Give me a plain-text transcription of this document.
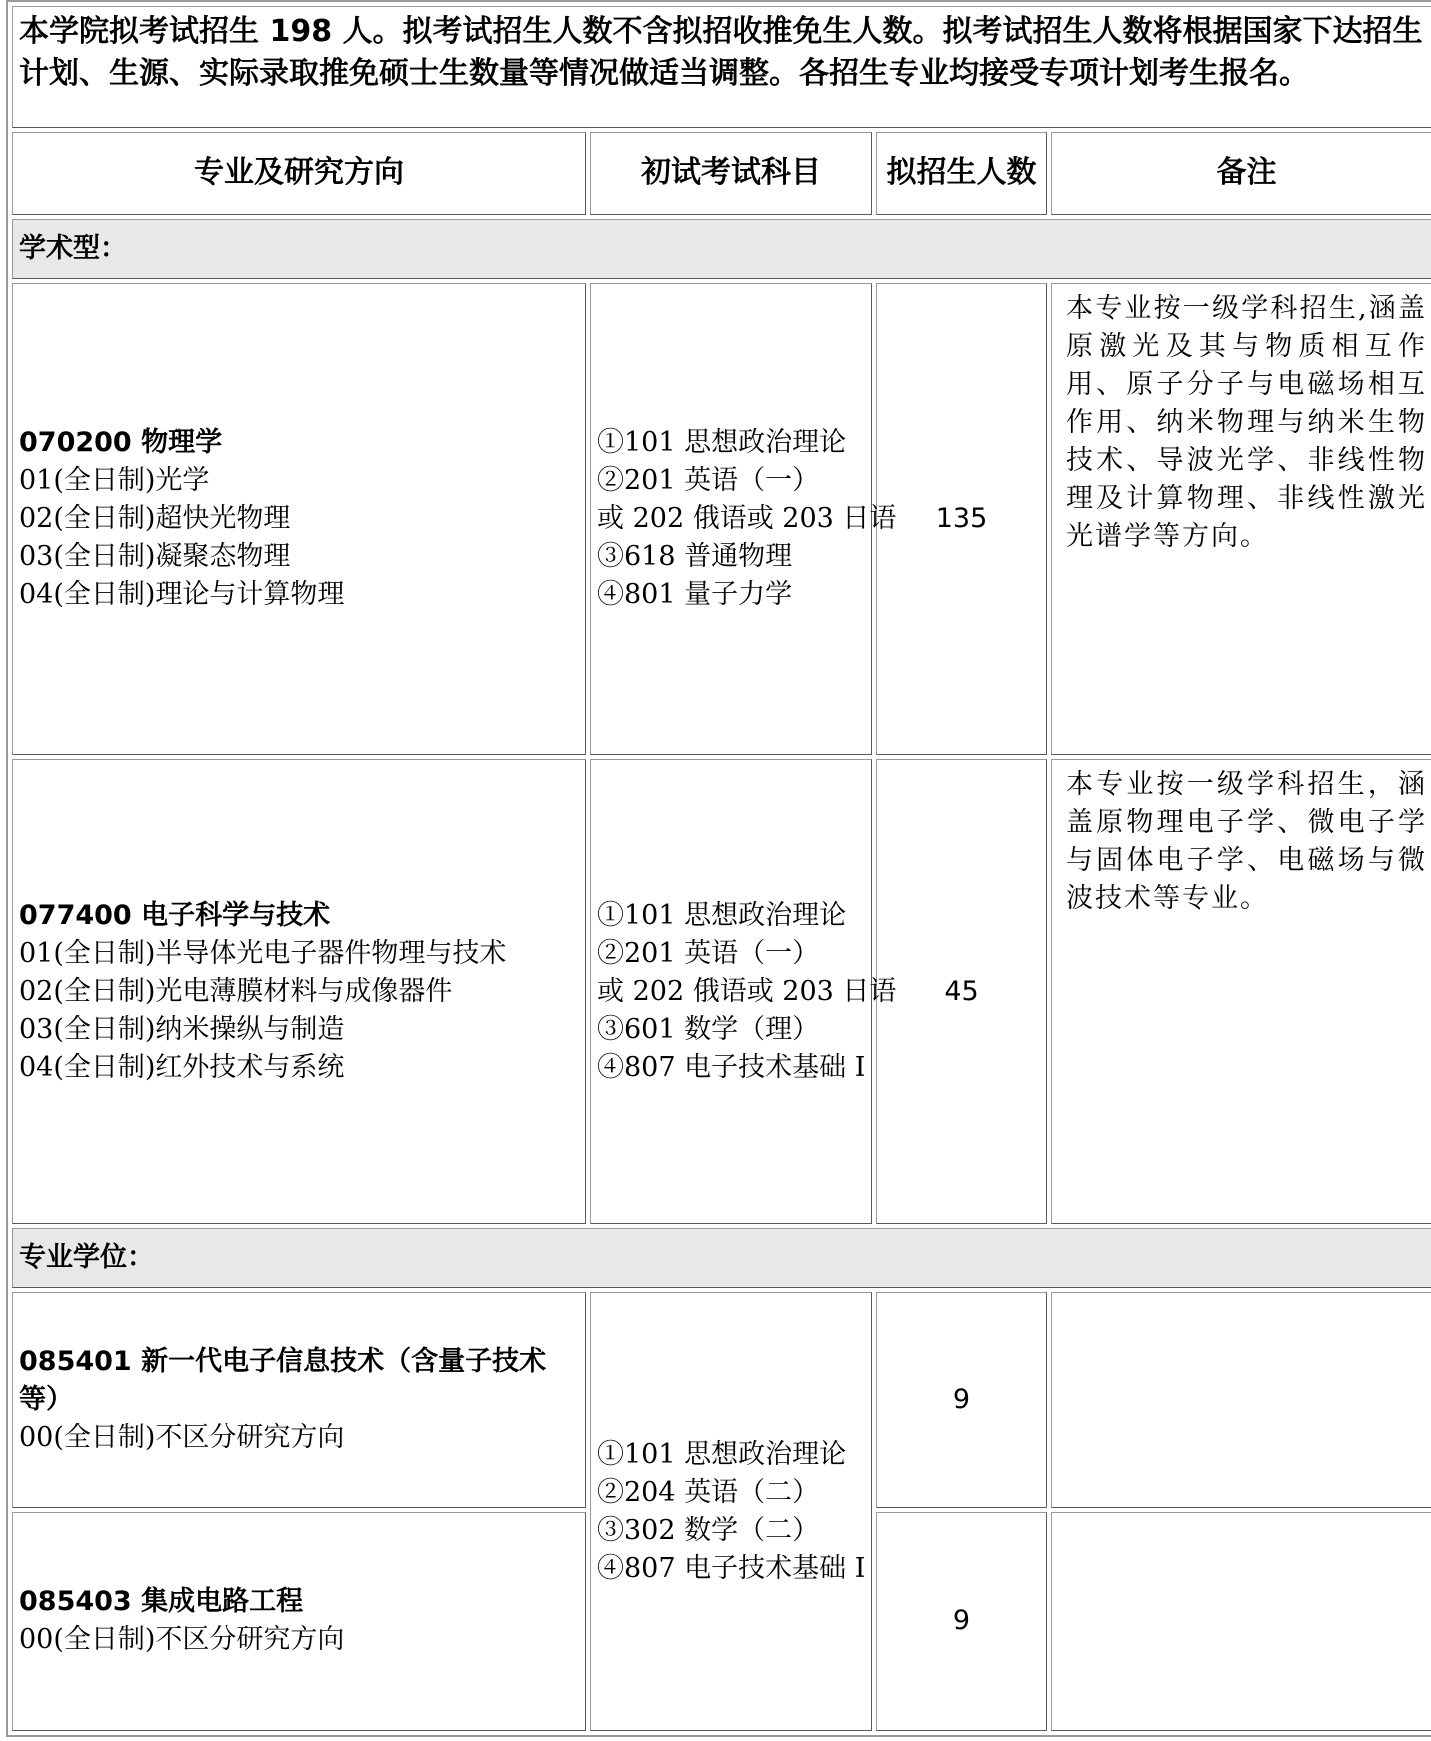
本学院拟考试招生 198 人。拟考试招生人数不含拟招收推免生人数。拟考试招生人数将根据国家下达招生计划、生源、实际录取推免硕士生数量等情况做适当调整。各招生专业均接受专项计划考生报名。			
专业及研究方向	初试考试科目	拟招生人数	备注
学术型：			

070200 物理学
01(全日制)光学
02(全日制)超快光物理
03(全日制)凝聚态物理
04(全日制)理论与计算物理	①101 思想政治理论
②201 英语（一）
或 202 俄语或 203 日语
③618 普通物理
④801 量子力学	135	本专业按一级学科招生,涵盖原激光及其与物质相互作用、原子分子与电磁场相互作用、纳米物理与纳米生物技术、导波光学、非线性物理及计算物理、非线性激光光谱学等方向。

077400 电子科学与技术
01(全日制)半导体光电子器件物理与技术
02(全日制)光电薄膜材料与成像器件
03(全日制)纳米操纵与制造
04(全日制)红外技术与系统	①101 思想政治理论
②201 英语（一）
或 202 俄语或 203 日语
③601 数学（理）
④807 电子技术基础 I	45	本专业按一级学科招生，涵盖原物理电子学、微电子学与固体电子学、电磁场与微波技术等专业。
专业学位：			

085401 新一代电子信息技术（含量子技术等）
00(全日制)不区分研究方向	①101 思想政治理论
②204 英语（二）
③302 数学（二）
④807 电子技术基础 I	9	

085403 集成电路工程
00(全日制)不区分研究方向		9	
